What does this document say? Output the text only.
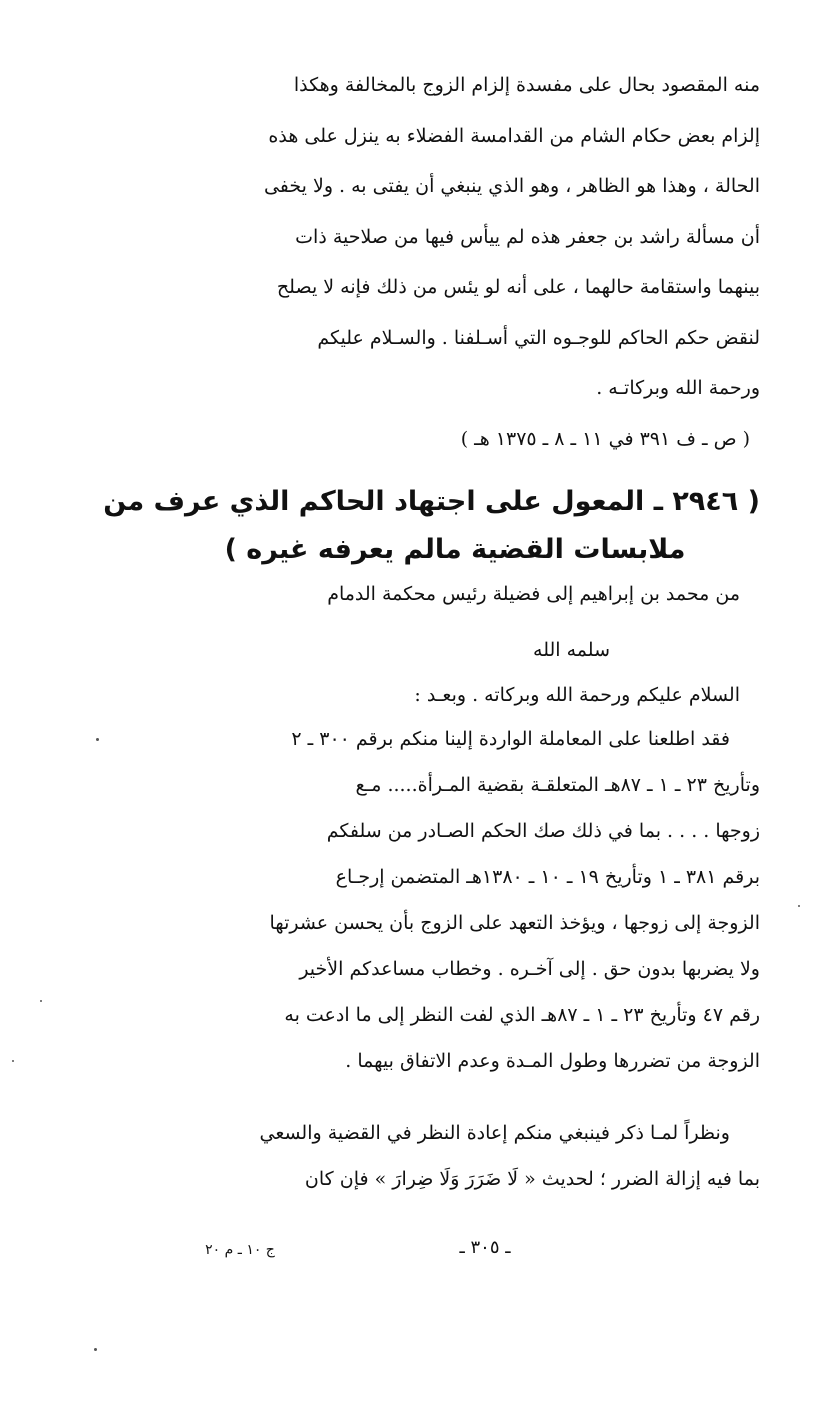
منه المقصود بحال على مفسدة إلزام الزوج بالمخالفة وهكذا
إلزام بعض حكام الشام من القدامسة الفضلاء به ينزل على هذه
الحالة ، وهذا هو الظاهر ، وهو الذي ينبغي أن يفتى به . ولا يخفى
أن مسألة راشد بن جعفر هذه لم ييأس فيها من صلاحية ذات
بينهما واستقامة حالهما ، على أنه لو يئس من ذلك فإنه لا يصلح
لنقض حكم الحاكم للوجـوه التي أسـلفنا . والسـلام عليكم
ورحمة الله وبركاتـه .
( ص ـ ف ٣٩١ في ١١ ـ ٨ ـ ١٣٧٥ هـ )
( ٢٩٤٦ ـ المعول على اجتهاد الحاكم الذي عرف من
ملابسات القضية مالم يعرفه غيره )
من محمد بن إبراهيم إلى فضيلة رئيس محكمة الدمام
سلمه الله
السلام عليكم ورحمة الله وبركاته . وبعـد :
فقد اطلعنا على المعاملة الواردة إلينا منكم برقم ٣٠٠ ـ ٢
وتأريخ ٢٣ ـ ١ ـ ٨٧هـ المتعلقـة بقضية المـرأة..... مـع
زوجها . . . . بما في ذلك صك الحكم الصـادر من سلفكم
برقم ٣٨١ ـ ١ وتأريخ ١٩ ـ ١٠ ـ ١٣٨٠هـ المتضمن إرجـاع
الزوجة إلى زوجها ، ويؤخذ التعهد على الزوج بأن يحسن عشرتها
ولا يضربها بدون حق . إلى آخـره . وخطاب مساعدكم الأخير
رقم ٤٧ وتأريخ ٢٣ ـ ١ ـ ٨٧هـ الذي لفت النظر إلى ما ادعت به
الزوجة من تضررها وطول المـدة وعدم الاتفاق بيهما .
ونظراً لمـا ذكر فينبغي منكم إعادة النظر في القضية والسعي
بما فيه إزالة الضرر ؛ لحديث « لَا ضَرَرَ وَلَا ضِرارَ » فإن كان
ـ ٣٠٥ ـ
ج ١٠ ـ م ٢٠
